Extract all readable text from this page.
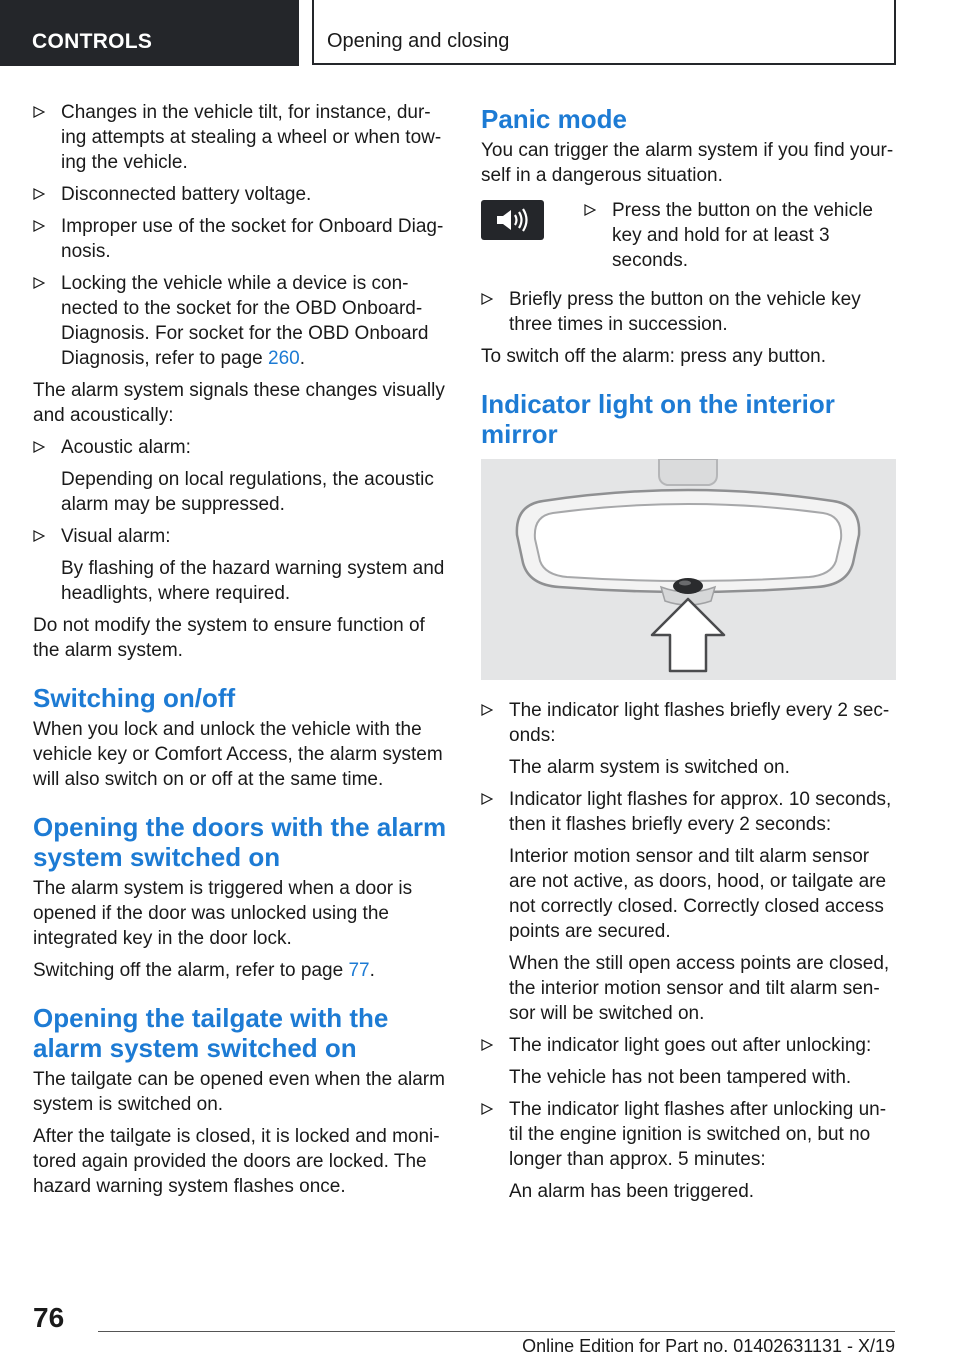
CONTROLS	Opening and closing
Changes in the vehicle tilt, for instance, dur-ing attempts at stealing a wheel or when tow-ing the vehicle.
Disconnected battery voltage.
Improper use of the socket for Onboard Diag-nosis.
Locking the vehicle while a device is con-nected to the socket for the OBD Onboard-Diagnosis. For socket for the OBD Onboard Diagnosis, refer to page 260.

The alarm system signals these changes visually and acoustically:

Acoustic alarm:
Depending on local regulations, the acoustic alarm may be suppressed.
Visual alarm:
By flashing of the hazard warning system and headlights, where required.

Do not modify the system to ensure function of the alarm system.

Switching on/off

When you lock and unlock the vehicle with the vehicle key or Comfort Access, the alarm system will also switch on or off at the same time.

Opening the doors with the alarm system switched on

The alarm system is triggered when a door is opened if the door was unlocked using the integrated key in the door lock.

Switching off the alarm, refer to page 77.

Opening the tailgate with the alarm system switched on

The tailgate can be opened even when the alarm system is switched on.

After the tailgate is closed, it is locked and moni-tored again provided the doors are locked. The hazard warning system flashes once.

Panic mode

You can trigger the alarm system if you find your-self in a dangerous situation.

Press the button on the vehicle key and hold for at least 3 seconds.
Briefly press the button on the vehicle key three times in succession.

To switch off the alarm: press any button.

Indicator light on the interior mirror
The indicator light flashes briefly every 2 sec-onds:
The alarm system is switched on.
Indicator light flashes for approx. 10 seconds, then it flashes briefly every 2 seconds:
Interior motion sensor and tilt alarm sensor are not active, as doors, hood, or tailgate are not correctly closed. Correctly closed access points are secured.
When the still open access points are closed, the interior motion sensor and tilt alarm sen-sor will be switched on.
The indicator light goes out after unlocking:
The vehicle has not been tampered with.
The indicator light flashes after unlocking un-til the engine ignition is switched on, but no longer than approx. 5 minutes:
An alarm has been triggered.
76
Online Edition for Part no. 01402631131 - X/19
